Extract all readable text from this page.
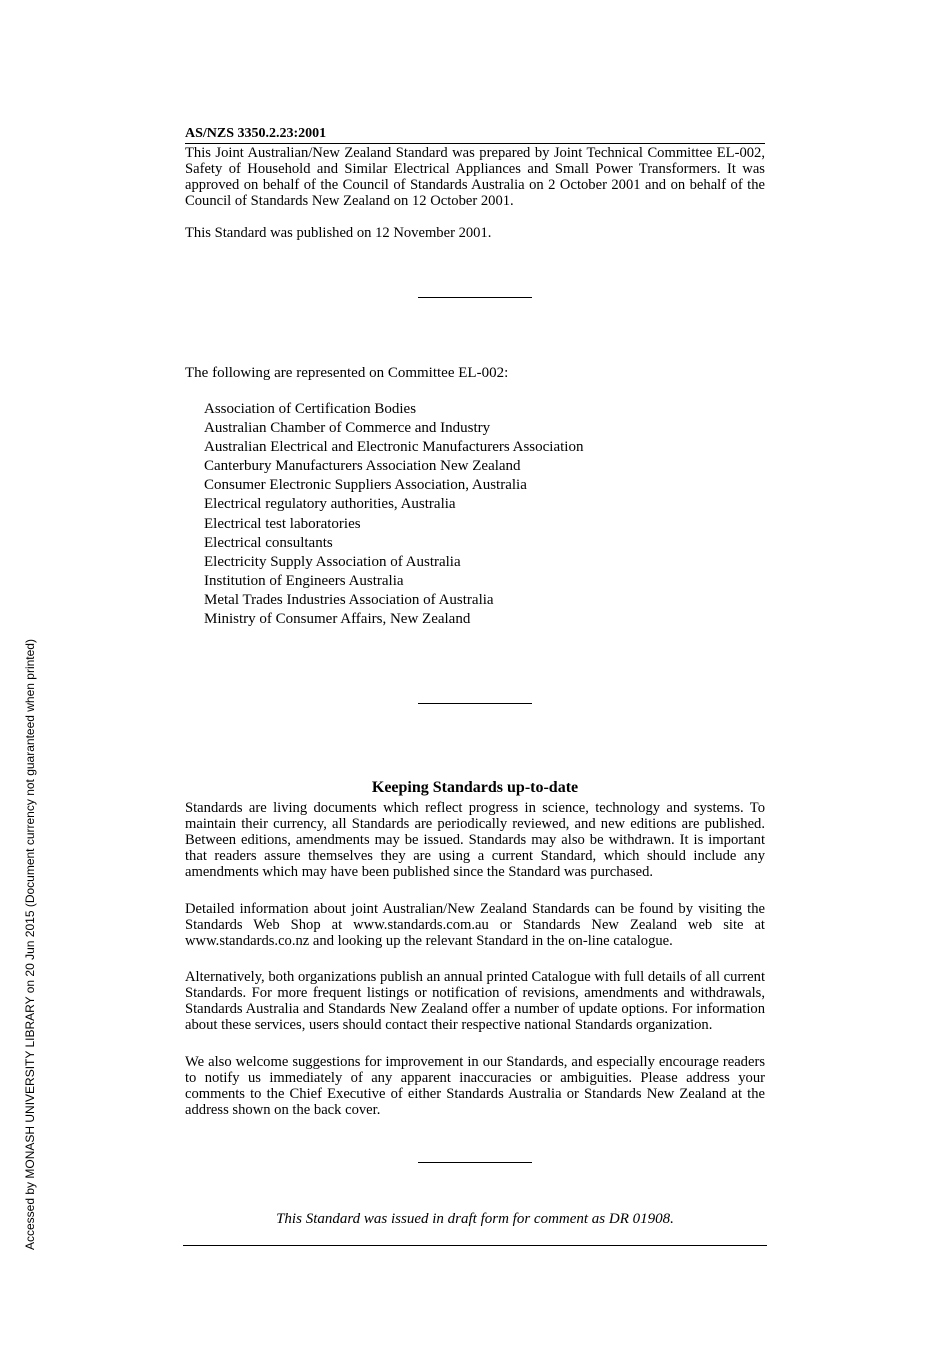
Accessed by MONASH UNIVERSITY LIBRARY on 20 Jun 2015 (Document currency not guaranteed when printed)
AS/NZS 3350.2.23:2001

This Joint Australian/New Zealand Standard was prepared by Joint Technical Committee EL-002, Safety of Household and Similar Electrical Appliances and Small Power Transformers. It was approved on behalf of the Council of Standards Australia on 2 October 2001 and on behalf of the Council of Standards New Zealand on 12 October 2001.

This Standard was published on 12 November 2001.

The following are represented on Committee EL-002:
Association of Certification Bodies
Australian Chamber of Commerce and Industry
Australian Electrical and Electronic Manufacturers Association
Canterbury Manufacturers Association New Zealand
Consumer Electronic Suppliers Association, Australia
Electrical regulatory authorities, Australia
Electrical test laboratories
Electrical consultants
Electricity Supply Association of Australia
Institution of Engineers Australia
Metal Trades Industries Association of Australia
Ministry of Consumer Affairs, New Zealand
Keeping Standards up-to-date

Standards are living documents which reflect progress in science, technology and systems. To maintain their currency, all Standards are periodically reviewed, and new editions are published. Between editions, amendments may be issued. Standards may also be withdrawn. It is important that readers assure themselves they are using a current Standard, which should include any amendments which may have been published since the Standard was purchased.

Detailed information about joint Australian/New Zealand Standards can be found by visiting the Standards Web Shop at www.standards.com.au or Standards New Zealand web site at www.standards.co.nz and looking up the relevant Standard in the on-line catalogue.

Alternatively, both organizations publish an annual printed Catalogue with full details of all current Standards. For more frequent listings or notification of revisions, amendments and withdrawals, Standards Australia and Standards New Zealand offer a number of update options. For information about these services, users should contact their respective national Standards organization.

We also welcome suggestions for improvement in our Standards, and especially encourage readers to notify us immediately of any apparent inaccuracies or ambiguities. Please address your comments to the Chief Executive of either Standards Australia or Standards New Zealand at the address shown on the back cover.

This Standard was issued in draft form for comment as DR 01908.
